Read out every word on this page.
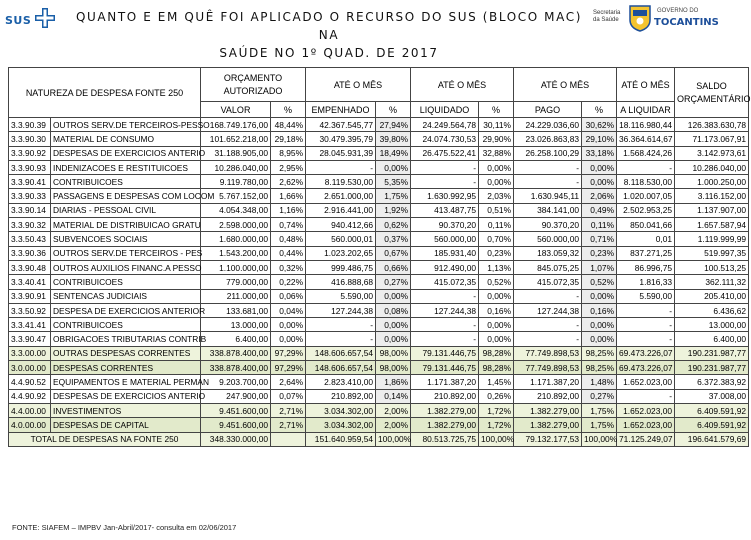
SUS	QUANTO E EM QUÊ FOI APLICADO O RECURSO DO SUS (BLOCO MAC) NA
SAÚDE NO 1º QUAD. DE 2017
Secretaria da Saúde
GOVERNO DO
TOCANTINS
NATUREZA DE DESPESA FONTE 250		ORÇAMENTO AUTORIZADO		ATÉ O MÊS		ATÉ O MÊS		ATÉ O MÊS		ATÉ O MÊS	SALDO ORÇAMENTÁRIO
		VALOR	%	EMPENHADO	%	LIQUIDADO	%	PAGO	%	A LIQUIDAR	
3.3.90.39	OUTROS SERV.DE TERCEIROS-PESSO	168.749.176,00	48,44%	42.367.545,77	27,94%	24.249.564,78	30,11%	24.229.036,60	30,62%	18.116.980,44	126.383.630,78
3.3.90.30	MATERIAL DE CONSUMO	101.652.218,00	29,18%	30.479.395,79	39,80%	24.074.730,53	29,90%	23.026.863,83	29,10%	36.364.614,67	71.173.067,91
3.3.90.92	DESPESAS DE EXERCICIOS ANTERIO	31.188.905,00	8,95%	28.045.931,39	18,49%	26.475.522,41	32,88%	26.258.100,29	33,18%	1.568.424,26	3.142.973,61
3.3.90.93	INDENIZACOES E RESTITUICOES	10.286.040,00	2,95%	-	0,00%	-	0,00%	-	0,00%	-	10.286.040,00
3.3.90.41	CONTRIBUICOES	9.119.780,00	2,62%	8.119.530,00	5,35%	-	0,00%	-	0,00%	8.118.530,00	1.000.250,00
3.3.90.33	PASSAGENS E DESPESAS COM LOCOM	5.767.152,00	1,66%	2.651.000,00	1,75%	1.630.992,95	2,03%	1.630.945,11	2,06%	1.020.007,05	3.116.152,00
3.3.90.14	DIARIAS - PESSOAL CIVIL	4.054.348,00	1,16%	2.916.441,00	1,92%	413.487,75	0,51%	384.141,00	0,49%	2.502.953,25	1.137.907,00
3.3.90.32	MATERIAL DE DISTRIBUICAO GRATU	2.598.000,00	0,74%	940.412,66	0,62%	90.370,20	0,11%	90.370,20	0,11%	850.041,66	1.657.587,94
3.3.50.43	SUBVENCOES SOCIAIS	1.680.000,00	0,48%	560.000,01	0,37%	560.000,00	0,70%	560.000,00	0,71%	0,01	1.119.999,99
3.3.90.36	OUTROS SERV.DE TERCEIROS - PES	1.543.200,00	0,44%	1.023.202,65	0,67%	185.931,40	0,23%	183.059,32	0,23%	837.271,25	519.997,35
3.3.90.48	OUTROS AUXILIOS FINANC.A PESSO	1.100.000,00	0,32%	999.486,75	0,66%	912.490,00	1,13%	845.075,25	1,07%	86.996,75	100.513,25
3.3.40.41	CONTRIBUICOES	779.000,00	0,22%	416.888,68	0,27%	415.072,35	0,52%	415.072,35	0,52%	1.816,33	362.111,32
3.3.90.91	SENTENCAS JUDICIAIS	211.000,00	0,06%	5.590,00	0,00%	-	0,00%	-	0,00%	5.590,00	205.410,00
3.3.50.92	DESPESA DE EXERCICIOS ANTERIOR	133.681,00	0,04%	127.244,38	0,08%	127.244,38	0,16%	127.244,38	0,16%	-	6.436,62
3.3.41.41	CONTRIBUICOES	13.000,00	0,00%	-	0,00%	-	0,00%	-	0,00%	-	13.000,00
3.3.90.47	OBRIGACOES TRIBUTARIAS CONTRIB	6.400,00	0,00%	-	0,00%	-	0,00%	-	0,00%	-	6.400,00
3.3.00.00	OUTRAS DESPESAS CORRENTES	338.878.400,00	97,29%	148.606.657,54	98,00%	79.131.446,75	98,28%	77.749.898,53	98,25%	69.473.226,07	190.231.987,77
3.0.00.00	DESPESAS CORRENTES	338.878.400,00	97,29%	148.606.657,54	98,00%	79.131.446,75	98,28%	77.749.898,53	98,25%	69.473.226,07	190.231.987,77
4.4.90.52	EQUIPAMENTOS E MATERIAL PERMAN	9.203.700,00	2,64%	2.823.410,00	1,86%	1.171.387,20	1,45%	1.171.387,20	1,48%	1.652.023,00	6.372.383,92
4.4.90.92	DESPESAS DE EXERCICIOS ANTERIO	247.900,00	0,07%	210.892,00	0,14%	210.892,00	0,26%	210.892,00	0,27%	-	37.008,00
4.4.00.00	INVESTIMENTOS	9.451.600,00	2,71%	3.034.302,00	2,00%	1.382.279,00	1,72%	1.382.279,00	1,75%	1.652.023,00	6.409.591,92
4.0.00.00	DESPESAS DE CAPITAL	9.451.600,00	2,71%	3.034.302,00	2,00%	1.382.279,00	1,72%	1.382.279,00	1,75%	1.652.023,00	6.409.591,92
TOTAL DE DESPESAS NA FONTE 250		348.330.000,00		151.640.959,54	100,00%	80.513.725,75	100,00%	79.132.177,53	100,00%	71.125.249,07	196.641.579,69
FONTE: SIAFEM – IMPBV Jan-Abril/2017- consulta em 02/06/2017
